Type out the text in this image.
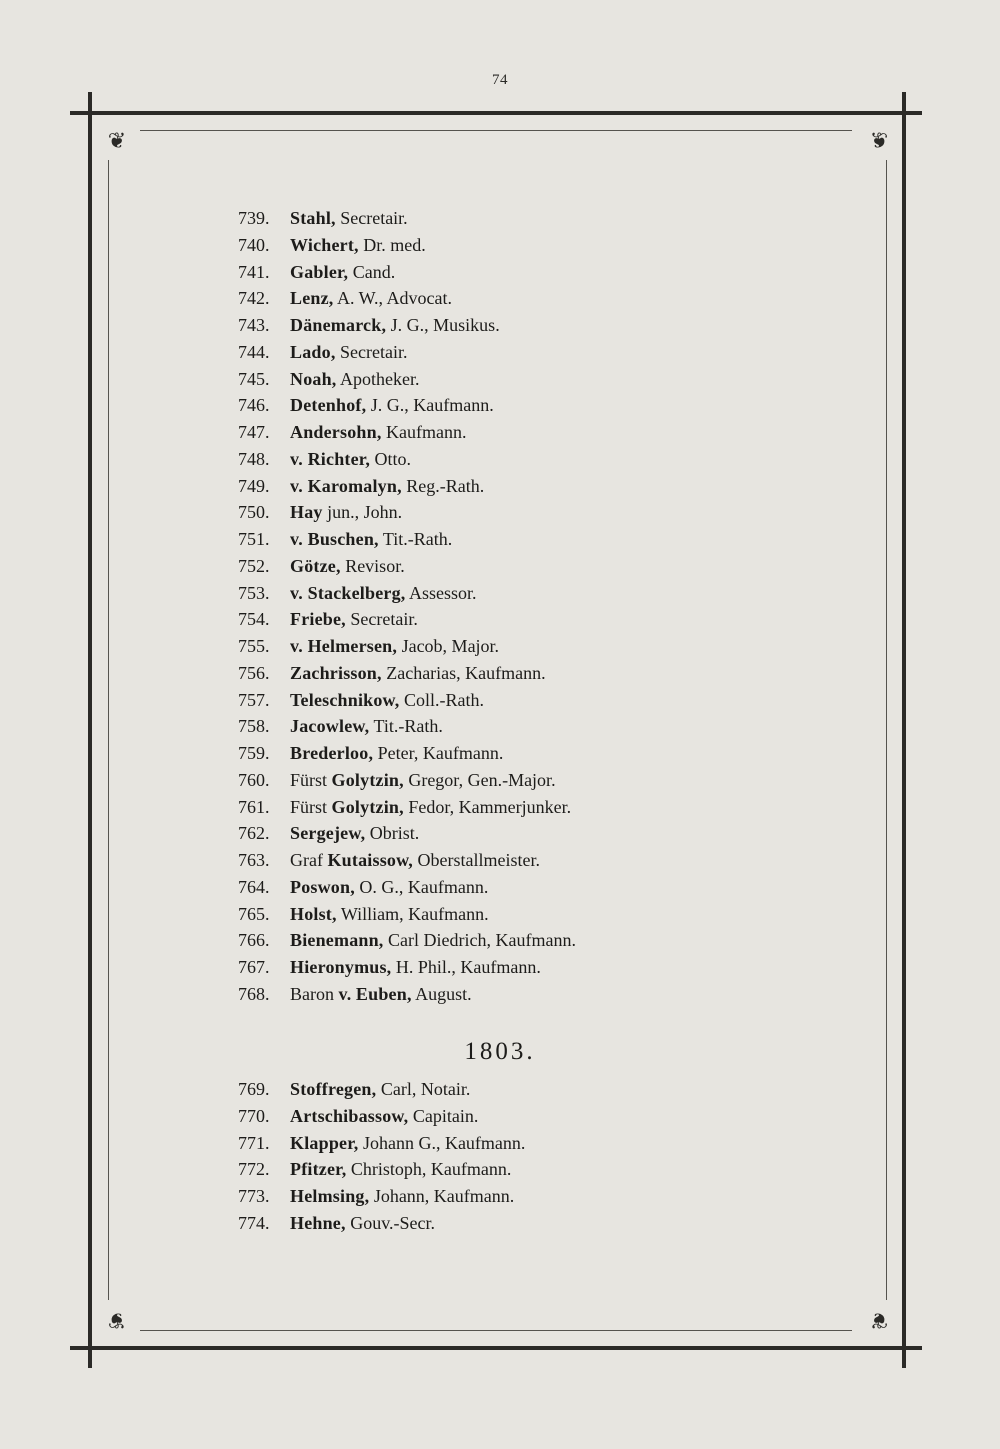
74
❦	❦
❦	❦
739. Stahl, Secretair.
740. Wichert, Dr. med.
741. Gabler, Cand.
742. Lenz, A. W., Advocat.
743. Dänemarck, J. G., Musikus.
744. Lado, Secretair.
745. Noah, Apotheker.
746. Detenhof, J. G., Kaufmann.
747. Andersohn, Kaufmann.
748. v. Richter, Otto.
749. v. Karomalyn, Reg.-Rath.
750. Hay jun., John.
751. v. Buschen, Tit.-Rath.
752. Götze, Revisor.
753. v. Stackelberg, Assessor.
754. Friebe, Secretair.
755. v. Helmersen, Jacob, Major.
756. Zachrisson, Zacharias, Kaufmann.
757. Teleschnikow, Coll.-Rath.
758. Jacowlew, Tit.-Rath.
759. Brederloo, Peter, Kaufmann.
760. Fürst Golytzin, Gregor, Gen.-Major.
761. Fürst Golytzin, Fedor, Kammerjunker.
762. Sergejew, Obrist.
763. Graf Kutaissow, Oberstallmeister.
764. Poswon, O. G., Kaufmann.
765. Holst, William, Kaufmann.
766. Bienemann, Carl Diedrich, Kaufmann.
767. Hieronymus, H. Phil., Kaufmann.
768. Baron v. Euben, August.
1803.
769. Stoffregen, Carl, Notair.
770. Artschibassow, Capitain.
771. Klapper, Johann G., Kaufmann.
772. Pfitzer, Christoph, Kaufmann.
773. Helmsing, Johann, Kaufmann.
774. Hehne, Gouv.-Secr.
